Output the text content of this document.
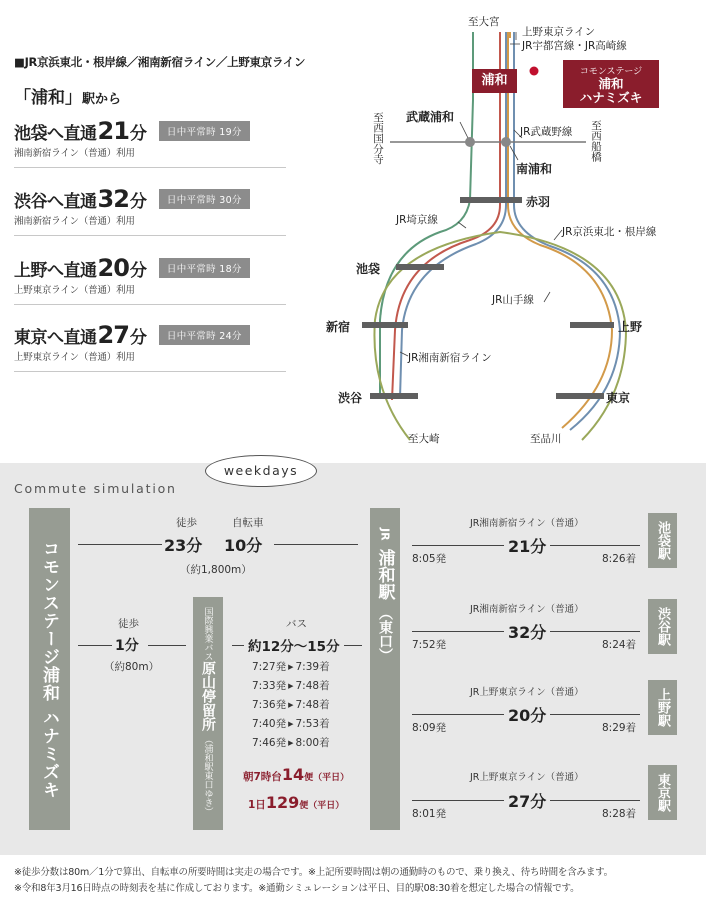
■JR京浜東北・根岸線／湘南新宿ライン／上野東京ライン
「浦和」駅から
池袋へ直通 21 分	日中平常時 19分
湘南新宿ライン（普通）利用
渋谷へ直通 32 分	日中平常時 30分
湘南新宿ライン（普通）利用
上野へ直通 20 分	日中平常時 18分
上野東京ライン（普通）利用
東京へ直通 27 分	日中平常時 24分
上野東京ライン（普通）利用
至大宮
上野東京ライン
JR宇都宮線・JR高崎線
浦和
コモンステージ
浦和
ハナミズキ
武蔵浦和
JR武蔵野線
至西国分寺	至西船橋
南浦和
赤羽
JR埼京線
JR京浜東北・根岸線
池袋
JR山手線
新宿	上野
JR湘南新宿ライン
渋谷	東京
至大崎	至品川
weekdays
Commute simulation
コモンステージ浦和 ハナミズキ
徒歩	自転車
23分 10分
（約1,800m）
徒歩
1分
（約80m）
国際興業バス
原山停留所
（浦和駅東口ゆき）
バス
約12分～15分
7:27発 ▶ 7:39着
7:33発 ▶ 7:48着
7:36発 ▶ 7:48着
7:40発 ▶ 7:53着
7:46発 ▶ 8:00着
朝7時台14便（平日）
1日129便（平日）
JR
浦和駅
（東口）
JR湘南新宿ライン（普通）
21分
8:05発	8:26着	池袋駅
JR湘南新宿ライン（普通）
32分
7:52発	8:24着	渋谷駅
JR上野東京ライン（普通）
20分
8:09発	8:29着
上野駅
JR上野東京ライン（普通）
27分
8:01発	8:28着
東京駅
※徒歩分数は80m／1分で算出、自転車の所要時間は実走の場合です。※上記所要時間は朝の通勤時のもので、乗り換え、待ち時間を含みます。
※令和8年3月16日時点の時刻表を基に作成しております。※通勤シミュレーションは平日、目的駅08:30着を想定した場合の情報です。
